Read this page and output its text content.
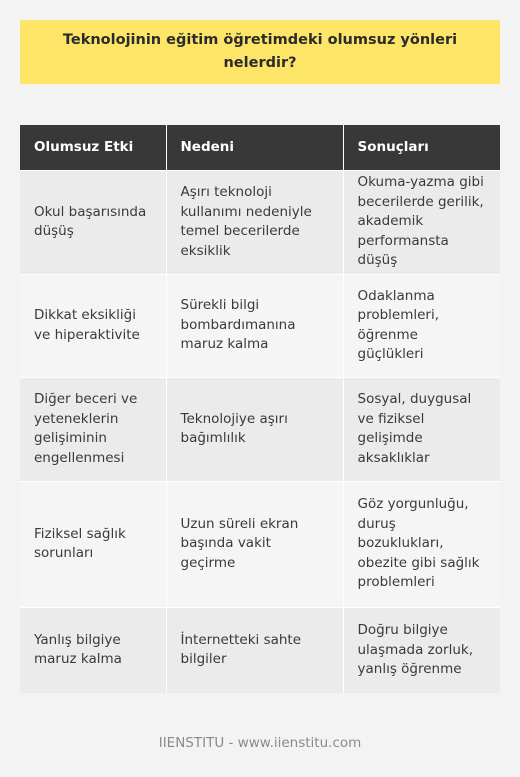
Teknolojinin eğitim öğretimdeki olumsuz yönleri nelerdir?
Olumsuz Etki	Nedeni	Sonuçları
Okul başarısında düşüş	Aşırı teknoloji kullanımı nedeniyle temel becerilerde eksiklik	Okuma-yazma gibi becerilerde gerilik, akademik performansta düşüş
Dikkat eksikliği ve hiperaktivite	Sürekli bilgi bombardımanına maruz kalma	Odaklanma problemleri, öğrenme güçlükleri
Diğer beceri ve yeteneklerin gelişiminin engellenmesi	Teknolojiye aşırı bağımlılık	Sosyal, duygusal ve fiziksel gelişimde aksaklıklar
Fiziksel sağlık sorunları	Uzun süreli ekran başında vakit geçirme	Göz yorgunluğu, duruş bozuklukları, obezite gibi sağlık problemleri
Yanlış bilgiye maruz kalma	İnternetteki sahte bilgiler	Doğru bilgiye ulaşmada zorluk, yanlış öğrenme
IIENSTITU - www.iienstitu.com
